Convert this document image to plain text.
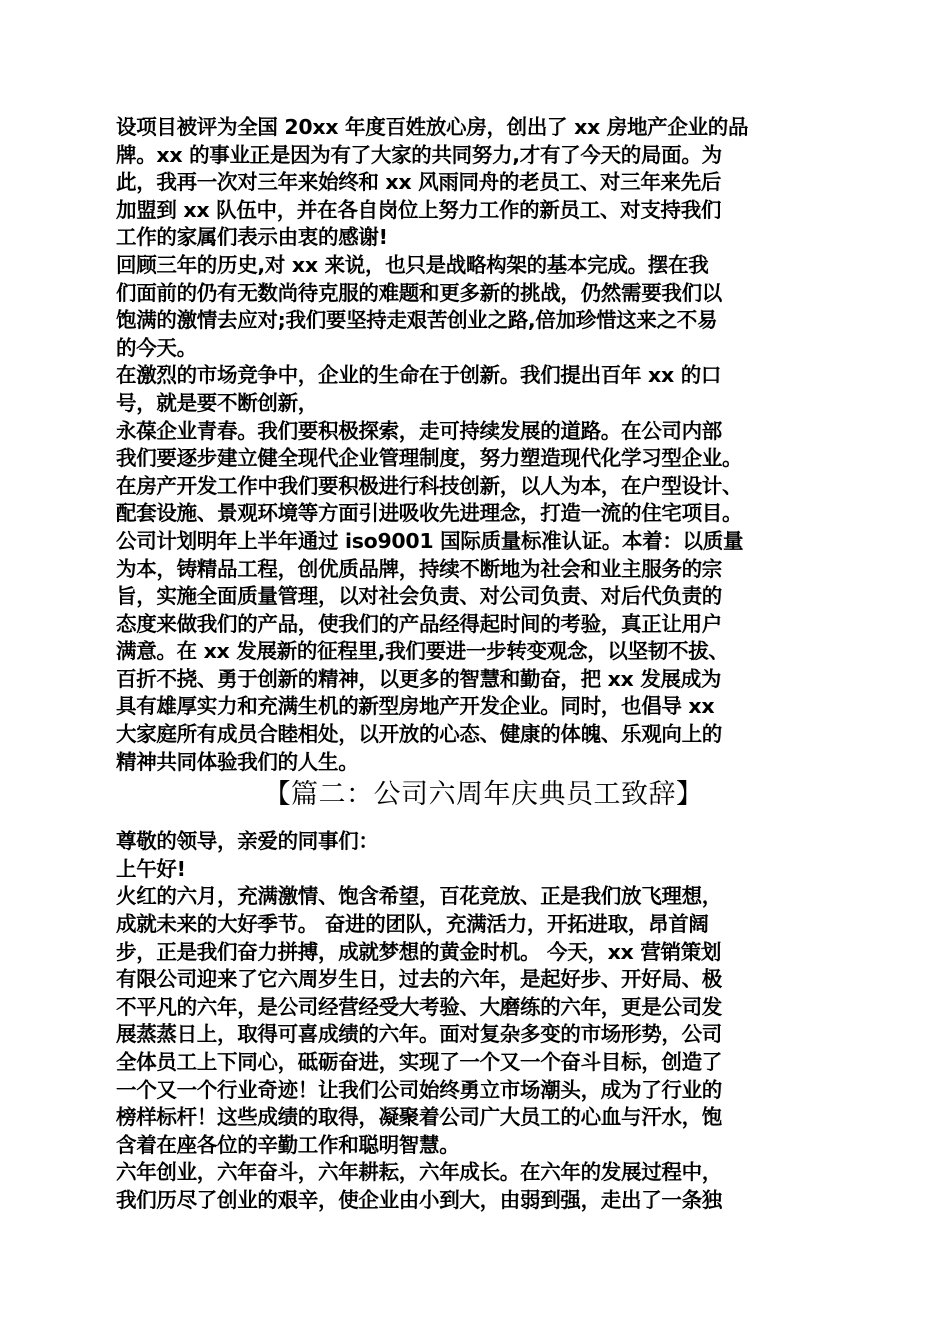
设项目被评为全国 20xx 年度百姓放心房，创出了 xx 房地产企业的品
牌。xx 的事业正是因为有了大家的共同努力,才有了今天的局面。为
此，我再一次对三年来始终和 xx 风雨同舟的老员工、对三年来先后
加盟到 xx 队伍中，并在各自岗位上努力工作的新员工、对支持我们
工作的家属们表示由衷的感谢!
回顾三年的历史,对 xx 来说，也只是战略构架的基本完成。摆在我
们面前的仍有无数尚待克服的难题和更多新的挑战，仍然需要我们以
饱满的激情去应对;我们要坚持走艰苦创业之路,倍加珍惜这来之不易
的今天。
在激烈的市场竞争中，企业的生命在于创新。我们提出百年 xx 的口
号，就是要不断创新，
永葆企业青春。我们要积极探索，走可持续发展的道路。在公司内部
我们要逐步建立健全现代企业管理制度，努力塑造现代化学习型企业。
在房产开发工作中我们要积极进行科技创新，以人为本，在户型设计、
配套设施、景观环境等方面引进吸收先进理念，打造一流的住宅项目。
公司计划明年上半年通过 iso9001 国际质量标准认证。本着：以质量
为本，铸精品工程，创优质品牌，持续不断地为社会和业主服务的宗
旨，实施全面质量管理，以对社会负责、对公司负责、对后代负责的
态度来做我们的产品，使我们的产品经得起时间的考验，真正让用户
满意。在 xx 发展新的征程里,我们要进一步转变观念，以坚韧不拔、
百折不挠、勇于创新的精神，以更多的智慧和勤奋，把 xx 发展成为
具有雄厚实力和充满生机的新型房地产开发企业。同时，也倡导 xx
大家庭所有成员合睦相处，以开放的心态、健康的体魄、乐观向上的
精神共同体验我们的人生。
【篇二：公司六周年庆典员工致辞】
尊敬的领导，亲爱的同事们：
上午好!
火红的六月，充满激情、饱含希望，百花竞放、正是我们放飞理想，
成就未来的大好季节。 奋进的团队，充满活力，开拓进取，昂首阔
步，正是我们奋力拼搏，成就梦想的黄金时机。 今天，xx 营销策划
有限公司迎来了它六周岁生日，过去的六年，是起好步、开好局、极
不平凡的六年，是公司经营经受大考验、大磨练的六年，更是公司发
展蒸蒸日上，取得可喜成绩的六年。面对复杂多变的市场形势，公司
全体员工上下同心，砥砺奋进，实现了一个又一个奋斗目标，创造了
一个又一个行业奇迹！让我们公司始终勇立市场潮头，成为了行业的
榜样标杆！这些成绩的取得，凝聚着公司广大员工的心血与汗水，饱
含着在座各位的辛勤工作和聪明智慧。
六年创业，六年奋斗，六年耕耘，六年成长。在六年的发展过程中，
我们历尽了创业的艰辛，使企业由小到大，由弱到强，走出了一条独
